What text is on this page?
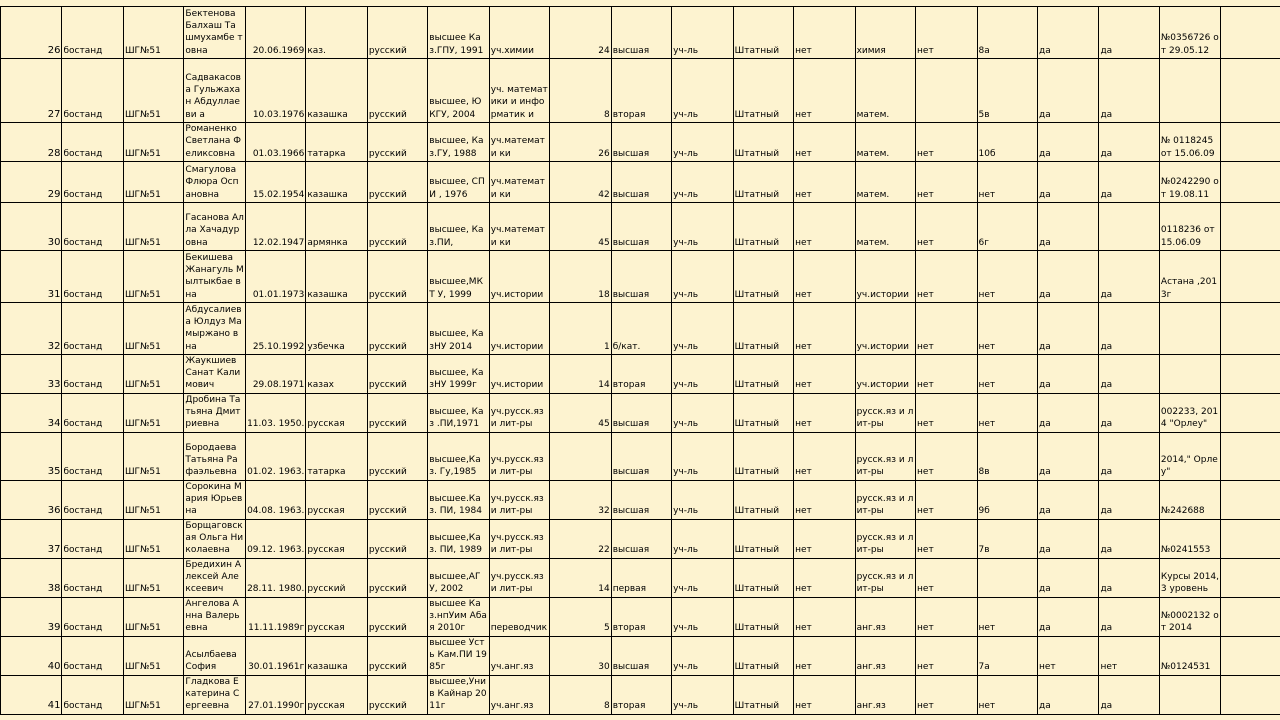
26	бостанд	ШГ№51	Бектенова Балхаш Ташмухамбе товна	20.06.1969	каз.	русский	высшее Каз.ГПУ, 1991	уч.химии	24	высшая	уч-ль	Штатный	нет	химия	нет	8а	да	да	№0356726 от 29.05.12	
27	бостанд	ШГ№51	Садвакасова Гульжахан Абдуллаеви а	10.03.1976	казашка	русский	высшее, ЮКГУ, 2004	уч. математики и информатик и	8	вторая	уч-ль	Штатный	нет	матем.		5в	да	да		
28	бостанд	ШГ№51	Романенко Светлана Феликсовна	01.03.1966	татарка	русский	высшее, Каз.ГУ, 1988	уч.математи ки	26	высшая	уч-ль	Штатный	нет	матем.	нет	10б	да	да	№ 0118245 от 15.06.09	
29	бостанд	ШГ№51	Смагулова Флюра Оспановна	15.02.1954	казашка	русский	высшее, СПИ , 1976	уч.математи ки	42	высшая	уч-ль	Штатный	нет	матем.	нет	нет	да	да	№0242290 от 19.08.11	
30	бостанд	ШГ№51	Гасанова Алла Хачадуровна	12.02.1947	армянка	русский	высшее, Каз.ПИ,	уч.математи ки	45	высшая	уч-ль	Штатный	нет	матем.	нет	6г	да		0118236 от 15.06.09	
31	бостанд	ШГ№51	Бекишева Жанагуль Мылтыкбае вна	01.01.1973	казашка	русский	высшее,МКТ У, 1999	уч.истории	18	высшая	уч-ль	Штатный	нет	уч.истории	нет	нет	да	да	Астана ,2013г	
32	бостанд	ШГ№51	Абдусалиев а Юлдуз Мамыржано вна	25.10.1992	узбечка	русский	высшее, КазНУ 2014	уч.истории	1	б/кат.	уч-ль	Штатный	нет	уч.истории	нет	нет	да	да		
33	бостанд	ШГ№51	Жаукшиев Санат Калимович	29.08.1971	казах	русский	высшее, КазНУ 1999г	уч.истории	14	вторая	уч-ль	Штатный	нет	уч.истории	нет	нет	да	да		
34	бостанд	ШГ№51	Дробина Татьяна Дмитриевна	11.03. 1950.	русская	русский	высшее, Каз .ПИ,1971	уч.русск.яз и лит-ры	45	высшая	уч-ль	Штатный	нет	русск.яз и лит-ры	нет	нет	да	да	002233, 2014 "Орлеу"	
35	бостанд	ШГ№51	Бородаева Татьяна Рафаэльевна	01.02. 1963.	татарка	русский	высшее,Каз. Гу,1985	уч.русск.яз и лит-ры		высшая	уч-ль	Штатный	нет	русск.яз и лит-ры	нет	8в	да	да	2014," Орлеу"	
36	бостанд	ШГ№51	Сорокина Мария Юрьевна	04.08. 1963.	русская	русский	высшее.Каз. ПИ, 1984	уч.русск.яз и лит-ры	32	высшая	уч-ль	Штатный	нет	русск.яз и лит-ры	нет	9б	да	да	№242688	
37	бостанд	ШГ№51	Борщаговск ая Ольга Николаевна	09.12. 1963.	русская	русский	высшее,Каз. ПИ, 1989	уч.русск.яз и лит-ры	22	высшая	уч-ль	Штатный	нет	русск.яз и лит-ры	нет	7в	да	да	№0241553	
38	бостанд	ШГ№51	Бредихин Алексей Алексеевич	28.11. 1980.	русский	русский	высшее,АГУ, 2002	уч.русск.яз и лит-ры	14	первая	уч-ль	Штатный	нет	русск.яз и лит-ры	нет		да	да	Курсы 2014, 3 уровень	
39	бостанд	ШГ№51	Ангелова Анна Валерьевна	11.11.1989г	русская	русский	высшее Каз.нпУим Абая 2010г	переводчик	5	вторая	уч-ль	Штатный	нет	анг.яз	нет	нет	да	да	№0002132 от 2014	
40	бостанд	ШГ№51	Асылбаева София	30.01.1961г	казашка	русский	высшее Усть Кам.ПИ 1985г	уч.анг.яз	30	высшая	уч-ль	Штатный	нет	анг.яз	нет	7а	нет	нет	№0124531	
41	бостанд	ШГ№51	Гладкова Екатерина Сергеевна	27.01.1990г	русская	русский	высшее,Уни в Кайнар 2011г	уч.анг.яз	8	вторая	уч-ль	Штатный	нет	анг.яз	нет	нет	да	да		
